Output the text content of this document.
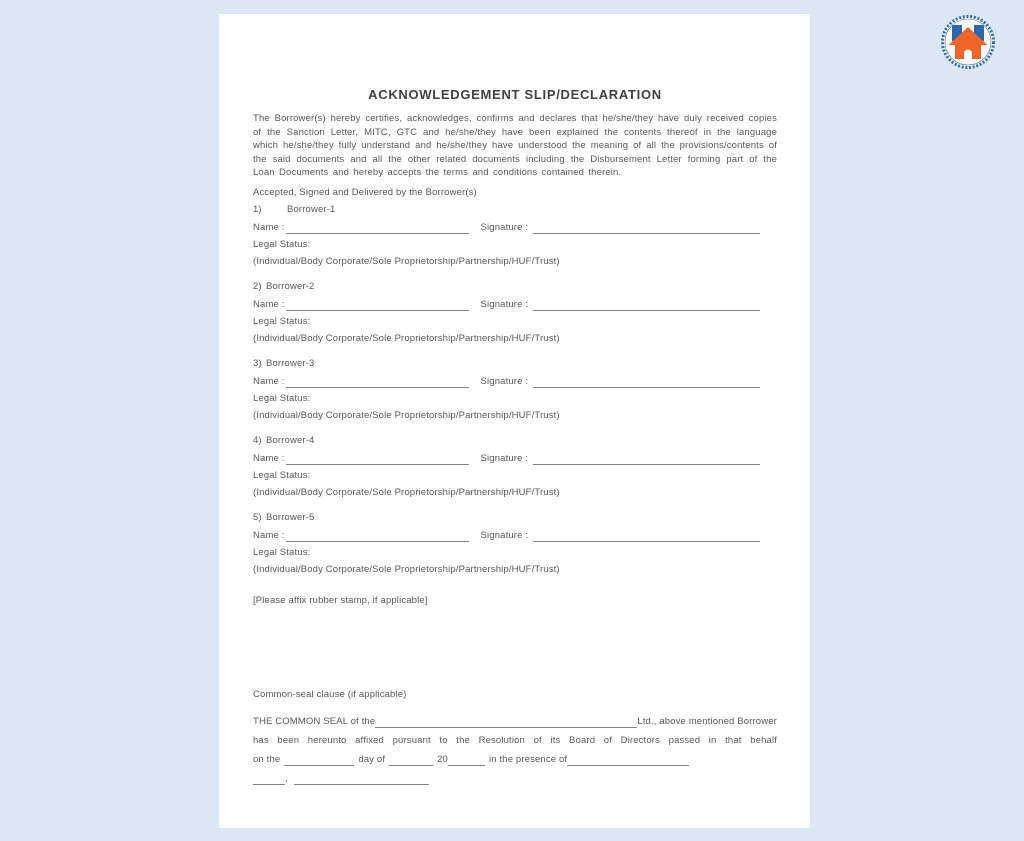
ACKNOWLEDGEMENT SLIP/DECLARATION
The Borrower(s) hereby certifies, acknowledges, confirms and declares that he/she/they have duly received copies of the Sanction Letter, MITC, GTC and he/she/they have been explained the contents thereof in the language which he/she/they fully understand and he/she/they have understood the meaning of all the provisions/contents of the said documents and all the other related documents including the Disbursement Letter forming part of the Loan Documents and hereby accepts the terms and conditions contained therein.
Accepted, Signed and Delivered by the Borrower(s)
1)	Borrower-1
Name :	Signature :
Legal Status:
(Individual/Body Corporate/Sole Proprietorship/Partnership/HUF/Trust)
2) Borrower-2
Name :	Signature :
Legal Status:
(Individual/Body Corporate/Sole Proprietorship/Partnership/HUF/Trust)
3) Borrower-3
Name :	Signature :
Legal Status:
(Individual/Body Corporate/Sole Proprietorship/Partnership/HUF/Trust)
4) Borrower-4
Name :	Signature :
Legal Status:
(Individual/Body Corporate/Sole Proprietorship/Partnership/HUF/Trust)
5) Borrower-5
Name :	Signature :
Legal Status:
(Individual/Body Corporate/Sole Proprietorship/Partnership/HUF/Trust)
[Please affix rubber stamp, if applicable]
Common-seal clause (if applicable)
THE COMMON SEAL of the	Ltd., above mentioned Borrower
has been hereunto affixed pursuant to the Resolution of its Board of Directors passed in that behalf
on the	day of	20	in the presence of
,
